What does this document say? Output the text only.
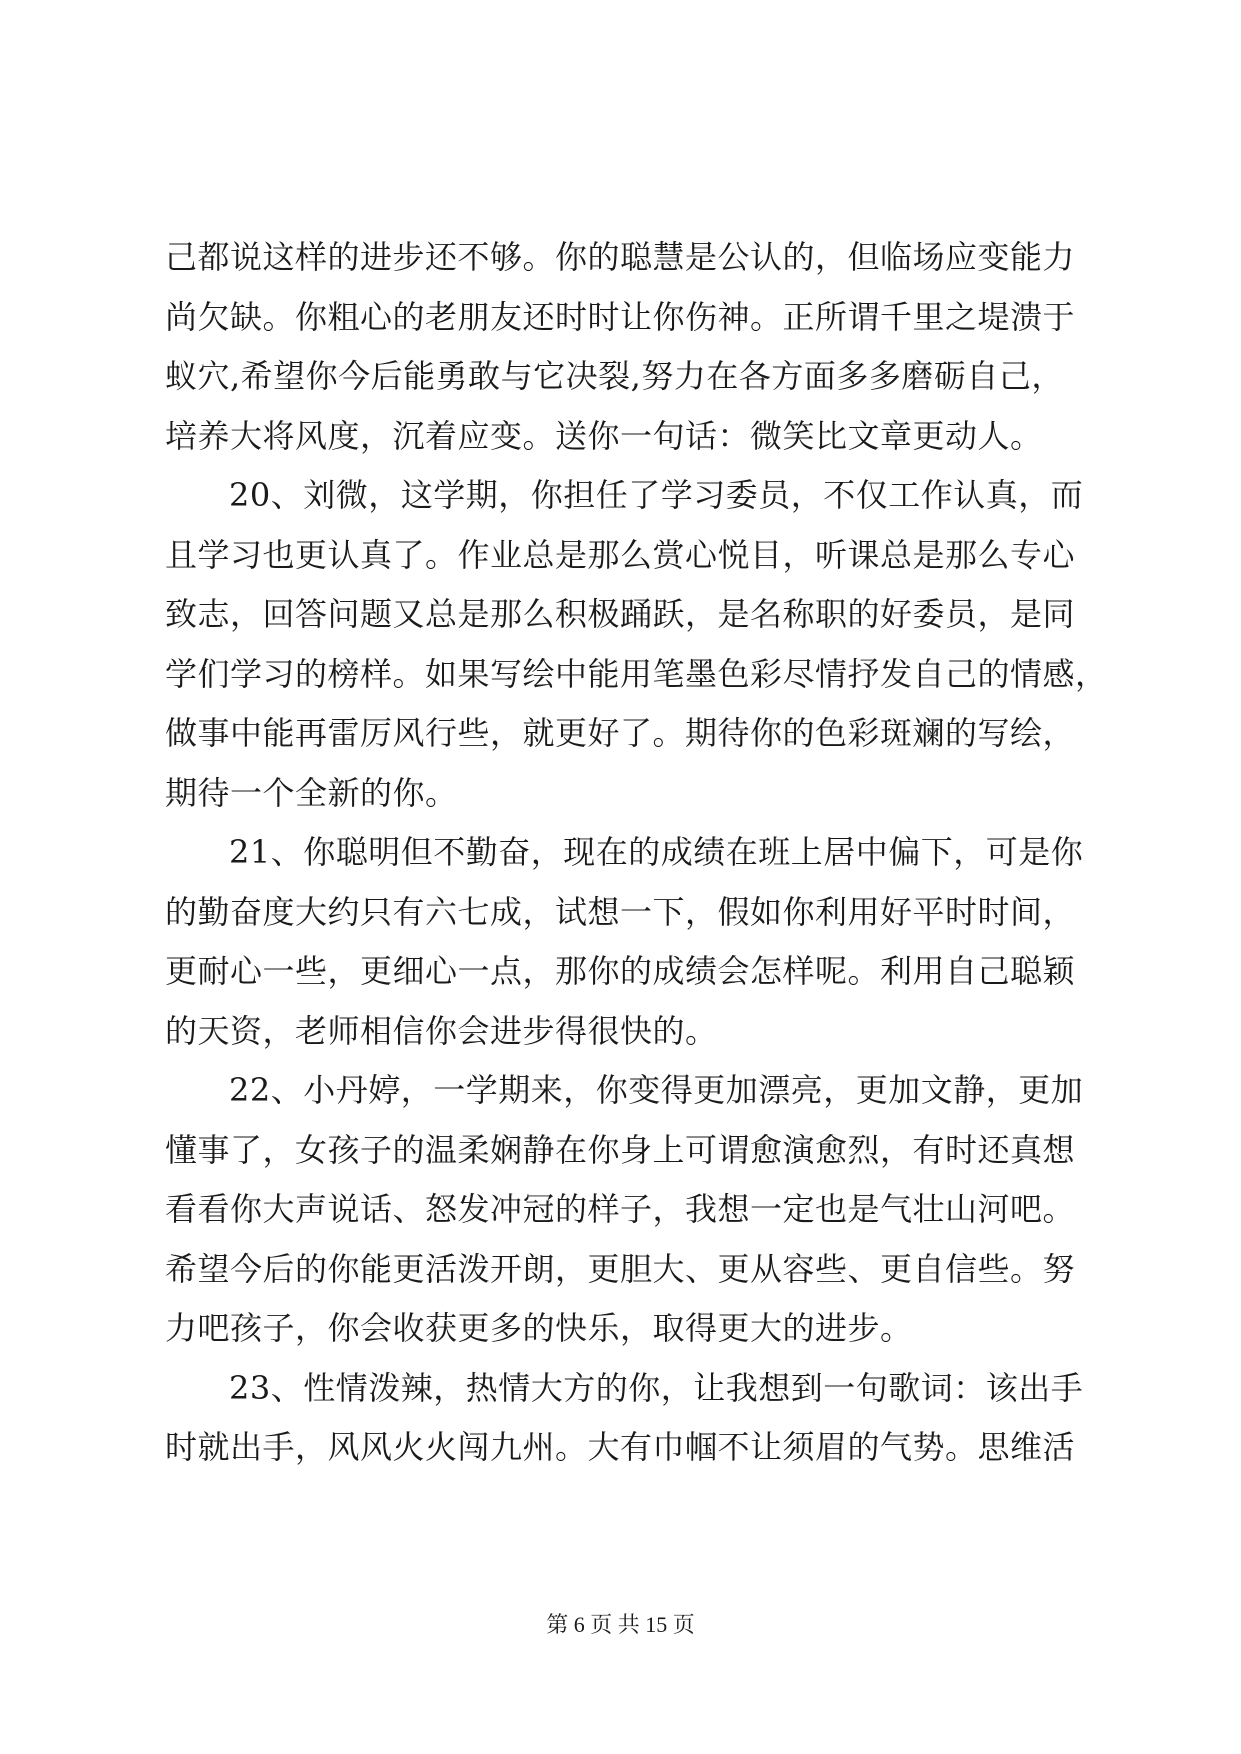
己都说这样的进步还不够。你的聪慧是公认的，但临场应变能力
尚欠缺。你粗心的老朋友还时时让你伤神。正所谓千里之堤溃于
蚁穴,希望你今后能勇敢与它决裂,努力在各方面多多磨砺自己，
培养大将风度，沉着应变。送你一句话：微笑比文章更动人。
20、刘微，这学期，你担任了学习委员，不仅工作认真，而
且学习也更认真了。作业总是那么赏心悦目，听课总是那么专心
致志，回答问题又总是那么积极踊跃，是名称职的好委员，是同
学们学习的榜样。如果写绘中能用笔墨色彩尽情抒发自己的情感，
做事中能再雷厉风行些，就更好了。期待你的色彩斑斓的写绘，
期待一个全新的你。
21、你聪明但不勤奋，现在的成绩在班上居中偏下，可是你
的勤奋度大约只有六七成，试想一下，假如你利用好平时时间，
更耐心一些，更细心一点，那你的成绩会怎样呢。利用自己聪颖
的天资，老师相信你会进步得很快的。
22、小丹婷，一学期来，你变得更加漂亮，更加文静，更加
懂事了，女孩子的温柔娴静在你身上可谓愈演愈烈，有时还真想
看看你大声说话、怒发冲冠的样子，我想一定也是气壮山河吧。
希望今后的你能更活泼开朗，更胆大、更从容些、更自信些。努
力吧孩子，你会收获更多的快乐，取得更大的进步。
23、性情泼辣，热情大方的你，让我想到一句歌词：该出手
时就出手，风风火火闯九州。大有巾帼不让须眉的气势。思维活
第 6 页 共 15 页
